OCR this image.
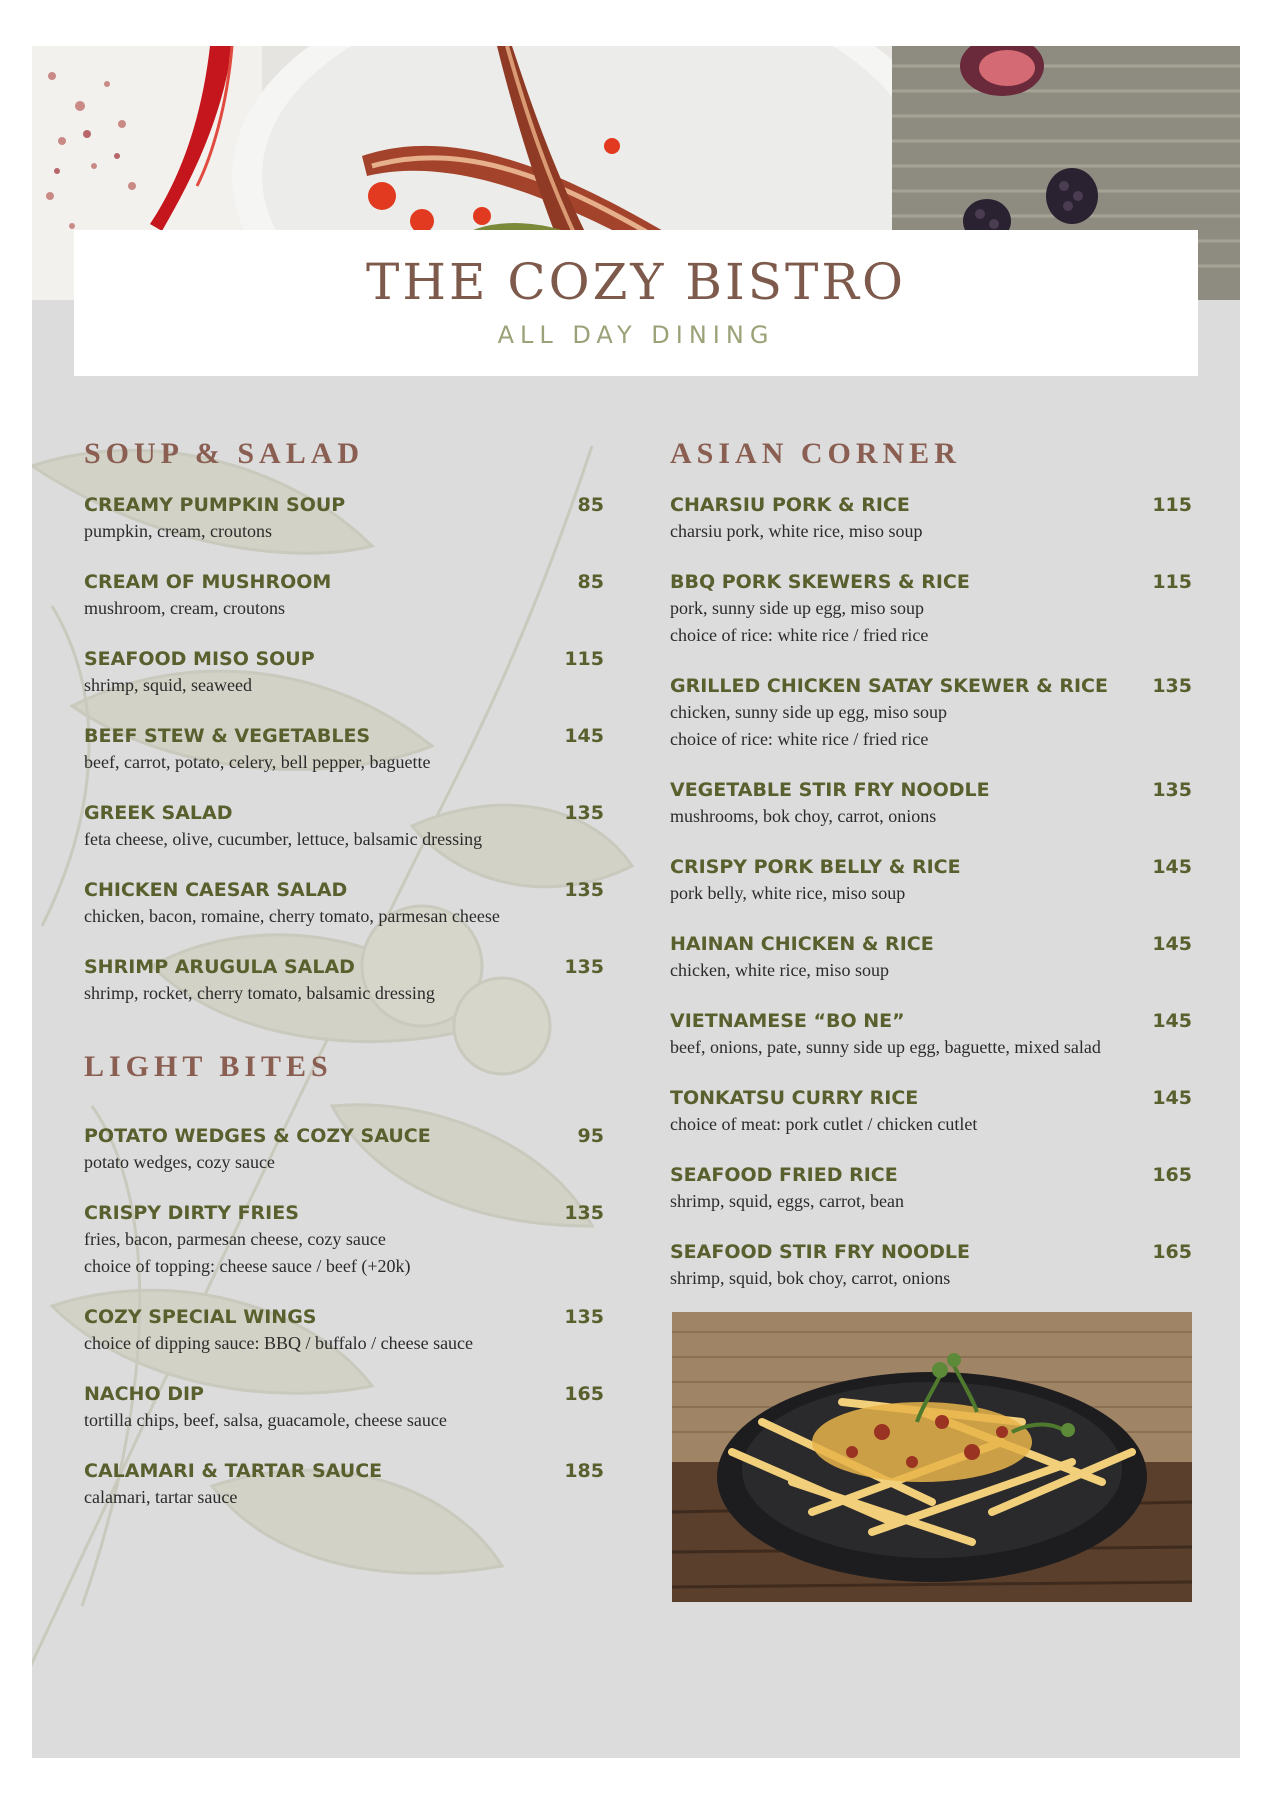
THE COZY BISTRO
ALL DAY DINING
SOUP & SALAD
CREAMY PUMPKIN SOUP	85
pumpkin, cream, croutons
CREAM OF MUSHROOM	85
mushroom, cream, croutons
SEAFOOD MISO SOUP	115
shrimp, squid, seaweed
BEEF STEW & VEGETABLES	145
beef, carrot, potato, celery, bell pepper, baguette
GREEK SALAD	135
feta cheese, olive, cucumber, lettuce, balsamic dressing
CHICKEN CAESAR SALAD	135
chicken, bacon, romaine, cherry tomato, parmesan cheese
SHRIMP ARUGULA SALAD	135
shrimp, rocket, cherry tomato, balsamic dressing
LIGHT BITES
POTATO WEDGES & COZY SAUCE	95
potato wedges, cozy sauce
CRISPY DIRTY FRIES	135
fries, bacon, parmesan cheese, cozy sauce
choice of topping: cheese sauce / beef (+20k)
COZY SPECIAL WINGS	135
choice of dipping sauce: BBQ / buffalo / cheese sauce
NACHO DIP	165
tortilla chips, beef, salsa, guacamole, cheese sauce
CALAMARI & TARTAR SAUCE	185
calamari, tartar sauce
ASIAN CORNER
CHARSIU PORK & RICE	115
charsiu pork, white rice, miso soup
BBQ PORK SKEWERS & RICE	115
pork, sunny side up egg, miso soup
choice of rice: white rice / fried rice
GRILLED CHICKEN SATAY SKEWER & RICE	135
chicken, sunny side up egg, miso soup
choice of rice: white rice / fried rice
VEGETABLE STIR FRY NOODLE	135
mushrooms, bok choy, carrot, onions
CRISPY PORK BELLY & RICE	145
pork belly, white rice, miso soup
HAINAN CHICKEN & RICE	145
chicken, white rice, miso soup
VIETNAMESE “BO NE”	145
beef, onions, pate, sunny side up egg, baguette, mixed salad
TONKATSU CURRY RICE	145
choice of meat: pork cutlet / chicken cutlet
SEAFOOD FRIED RICE	165
shrimp, squid, eggs, carrot, bean
SEAFOOD STIR FRY NOODLE	165
shrimp, squid, bok choy, carrot, onions
